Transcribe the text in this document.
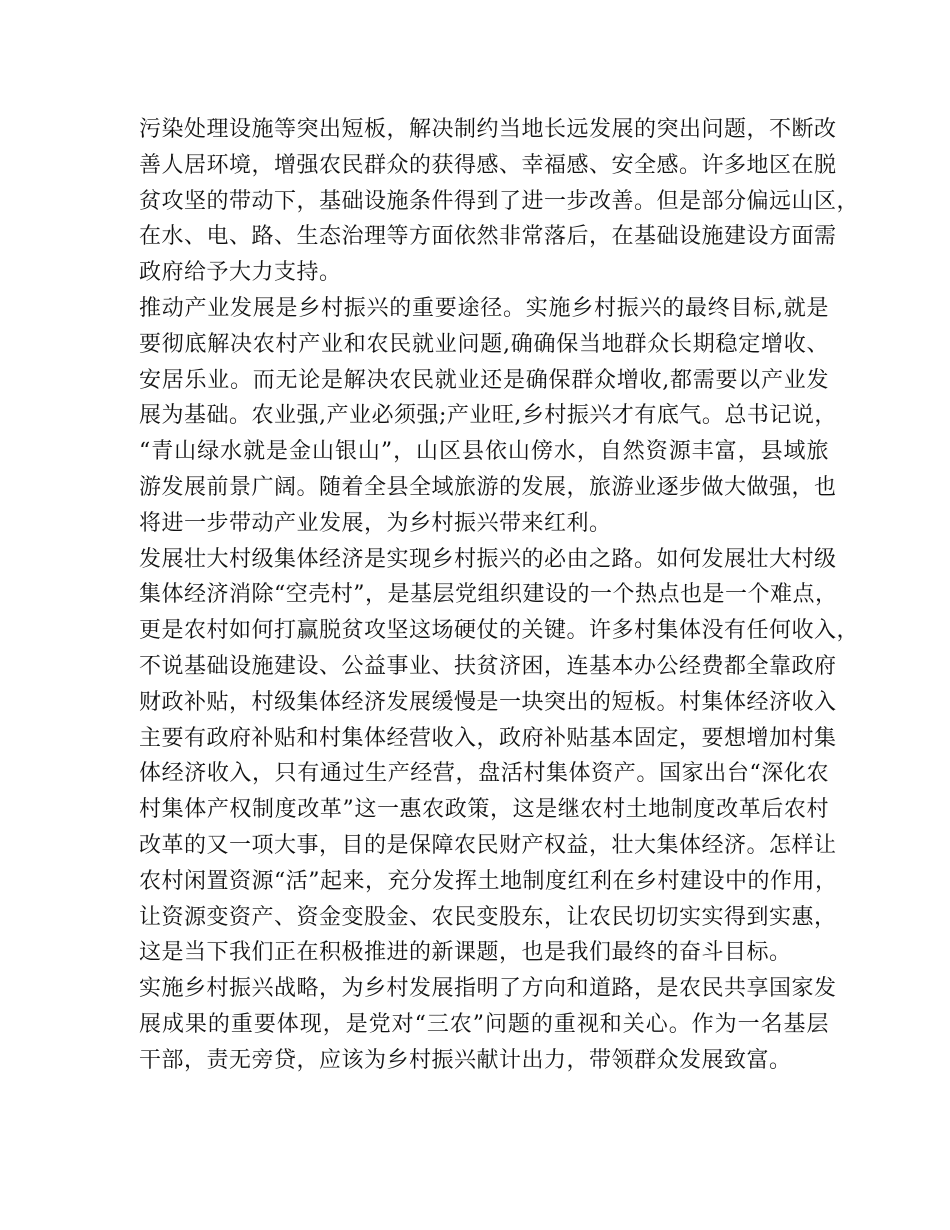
污染处理设施等突出短板，解决制约当地长远发展的突出问题，不断改
善人居环境，增强农民群众的获得感、幸福感、安全感。许多地区在脱
贫攻坚的带动下，基础设施条件得到了进一步改善。但是部分偏远山区，
在水、电、路、生态治理等方面依然非常落后，在基础设施建设方面需
政府给予大力支持。
推动产业发展是乡村振兴的重要途径。实施乡村振兴的最终目标,就是
要彻底解决农村产业和农民就业问题,确确保当地群众长期稳定增收、
安居乐业。而无论是解决农民就业还是确保群众增收,都需要以产业发
展为基础。农业强,产业必须强;产业旺,乡村振兴才有底气。总书记说，
“青山绿水就是金山银山”，山区县依山傍水，自然资源丰富，县域旅
游发展前景广阔。随着全县全域旅游的发展，旅游业逐步做大做强，也
将进一步带动产业发展，为乡村振兴带来红利。
发展壮大村级集体经济是实现乡村振兴的必由之路。如何发展壮大村级
集体经济消除“空壳村”，是基层党组织建设的一个热点也是一个难点，
更是农村如何打赢脱贫攻坚这场硬仗的关键。许多村集体没有任何收入，
不说基础设施建设、公益事业、扶贫济困，连基本办公经费都全靠政府
财政补贴，村级集体经济发展缓慢是一块突出的短板。村集体经济收入
主要有政府补贴和村集体经营收入，政府补贴基本固定，要想增加村集
体经济收入，只有通过生产经营，盘活村集体资产。国家出台“深化农
村集体产权制度改革”这一惠农政策，这是继农村土地制度改革后农村
改革的又一项大事，目的是保障农民财产权益，壮大集体经济。怎样让
农村闲置资源“活”起来，充分发挥土地制度红利在乡村建设中的作用，
让资源变资产、资金变股金、农民变股东，让农民切切实实得到实惠，
这是当下我们正在积极推进的新课题，也是我们最终的奋斗目标。
实施乡村振兴战略，为乡村发展指明了方向和道路，是农民共享国家发
展成果的重要体现，是党对“三农”问题的重视和关心。作为一名基层
干部，责无旁贷，应该为乡村振兴献计出力，带领群众发展致富。
